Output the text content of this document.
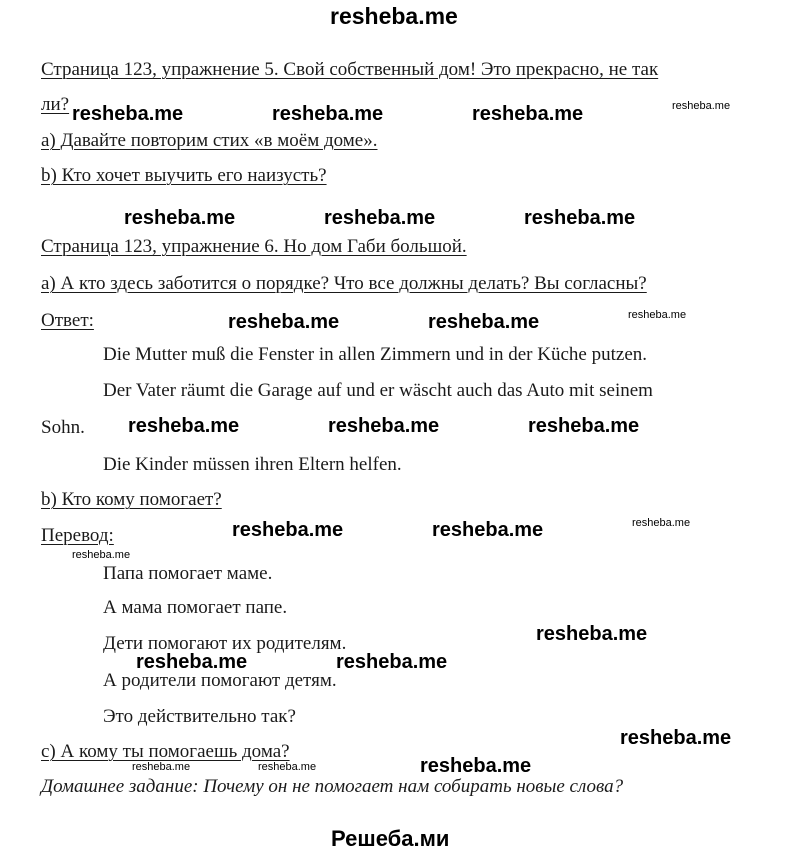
resheba.me
Страница 123, упражнение 5. Свой собственный дом! Это прекрасно, не так
ли?
a) Давайте повторим стих «в моём доме».
b) Кто хочет выучить его наизусть?
Страница 123, упражнение 6. Но дом Габи большой.
a) А кто здесь заботится о порядке? Что все должны делать? Вы согласны?
Ответ:
Die Mutter muß die Fenster in allen Zimmern und in der Küche putzen.
Der Vater räumt die Garage auf und er wäscht auch das Auto mit seinem
Sohn.
Die Kinder müssen ihren Eltern helfen.
b) Кто кому помогает?
Перевод:
Папа помогает маме.
А мама помогает папе.
Дети помогают их родителям.
А родители помогают детям.
Это действительно так?
c) А кому ты помогаешь дома?
Домашнее задание: Почему он не помогает нам собирать новые слова?
resheba.me	resheba.me	resheba.me	resheba.me
resheba.me	resheba.me	resheba.me
resheba.me	resheba.me	resheba.me
resheba.me	resheba.me	resheba.me
resheba.me	resheba.me	resheba.me
resheba.me
resheba.me
resheba.me	resheba.me
resheba.me
resheba.me	resheba.me	resheba.me
Решеба.ми
